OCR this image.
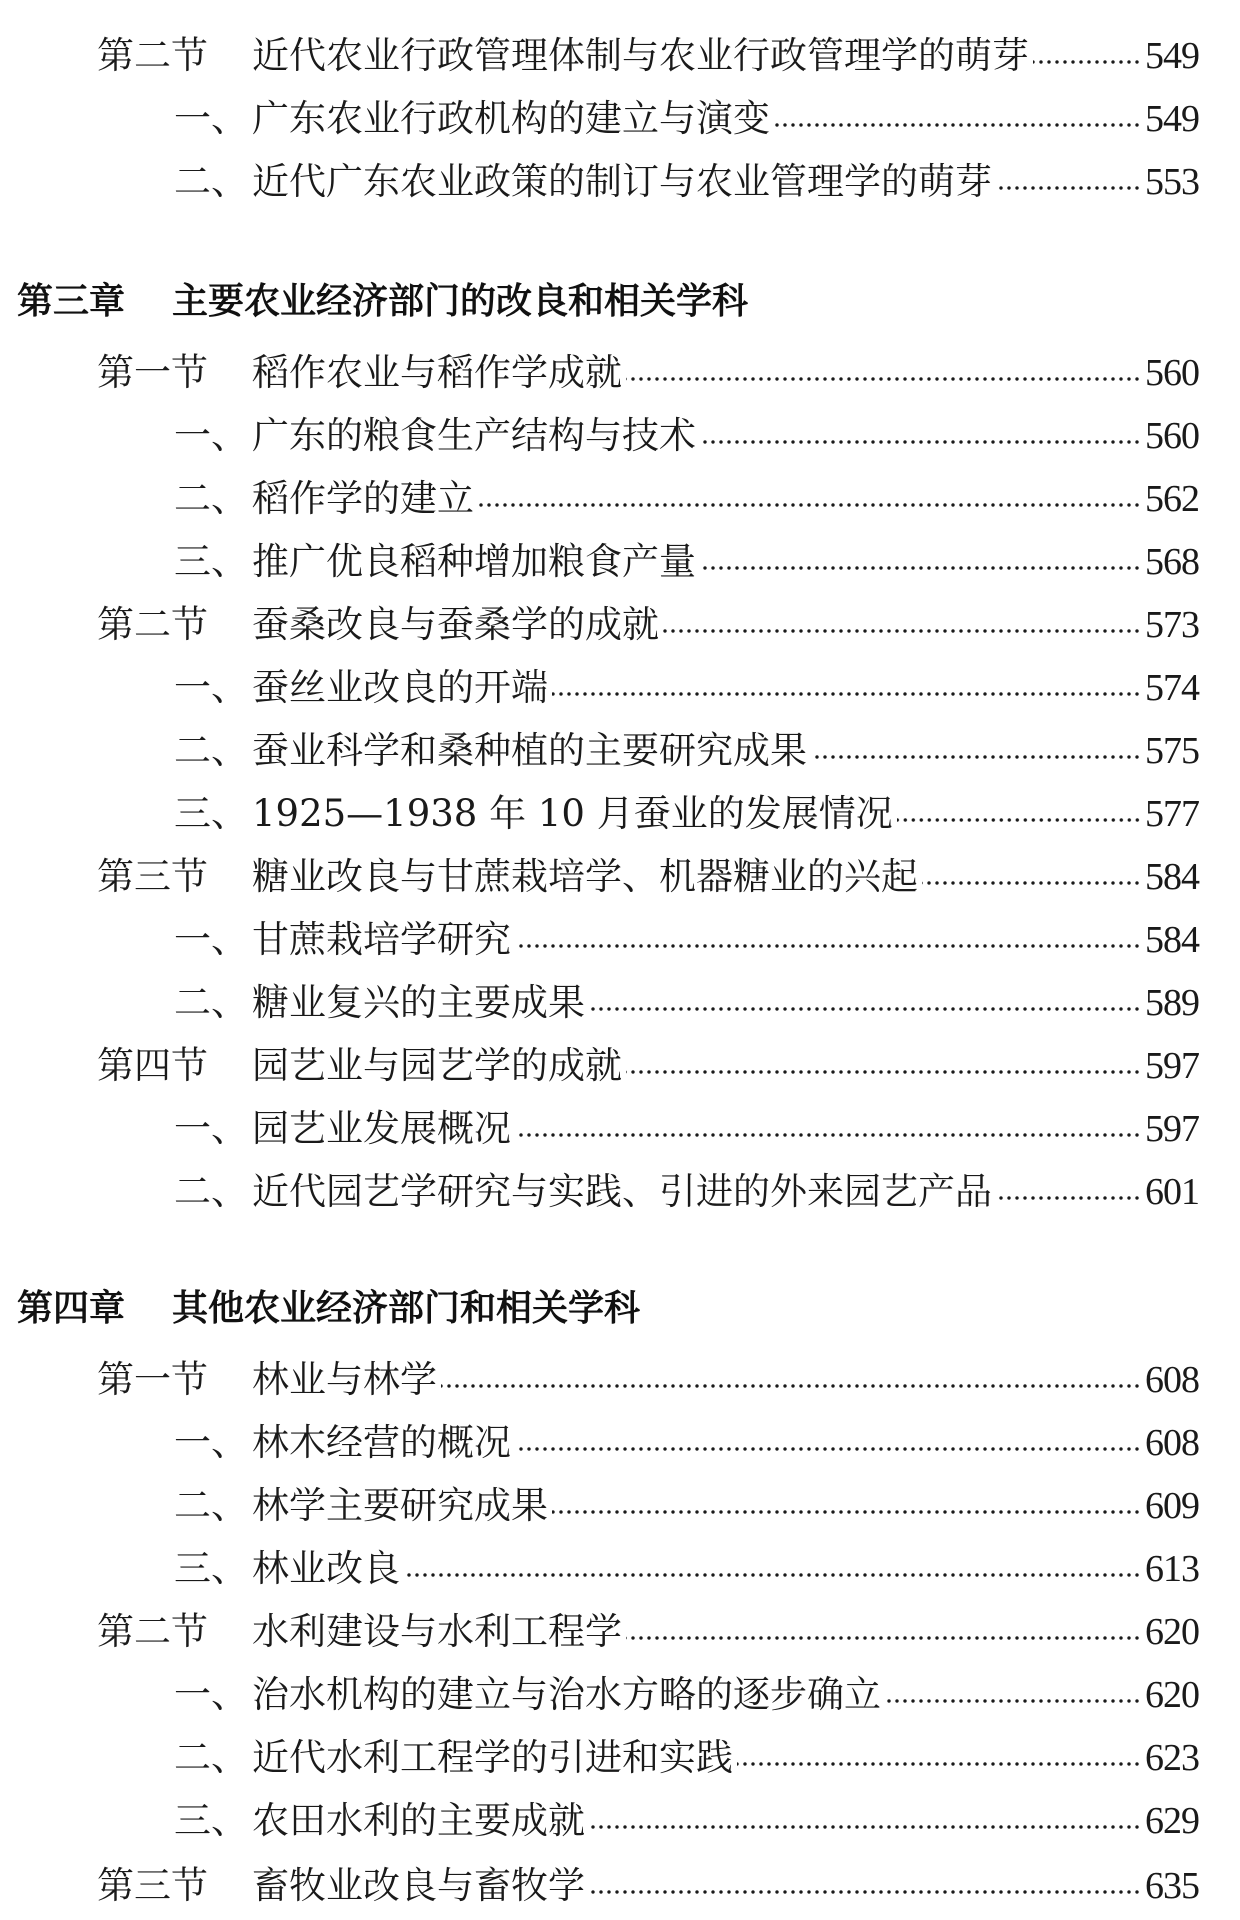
第二节 近代农业行政管理体制与农业行政管理学的萌芽	549
一、 广东农业行政机构的建立与演变	549
二、 近代广东农业政策的制订与农业管理学的萌芽	553
第三章	主要农业经济部门的改良和相关学科
第一节 稻作农业与稻作学成就	560
一、 广东的粮食生产结构与技术	560
二、 稻作学的建立	562
三、 推广优良稻种增加粮食产量	568
第二节 蚕桑改良与蚕桑学的成就	573
一、 蚕丝业改良的开端	574
二、 蚕业科学和桑种植的主要研究成果	575
三、 1925—1938 年 10 月蚕业的发展情况	577
第三节 糖业改良与甘蔗栽培学、机器糖业的兴起	584
一、 甘蔗栽培学研究	584
二、 糖业复兴的主要成果	589
第四节 园艺业与园艺学的成就	597
一、 园艺业发展概况	597
二、 近代园艺学研究与实践、引进的外来园艺产品	601
第四章	其他农业经济部门和相关学科
第一节 林业与林学	608
一、 林木经营的概况	608
二、 林学主要研究成果	609
三、 林业改良	613
第二节 水利建设与水利工程学	620
一、 治水机构的建立与治水方略的逐步确立	620
二、 近代水利工程学的引进和实践	623
三、 农田水利的主要成就	629
第三节 畜牧业改良与畜牧学	635
